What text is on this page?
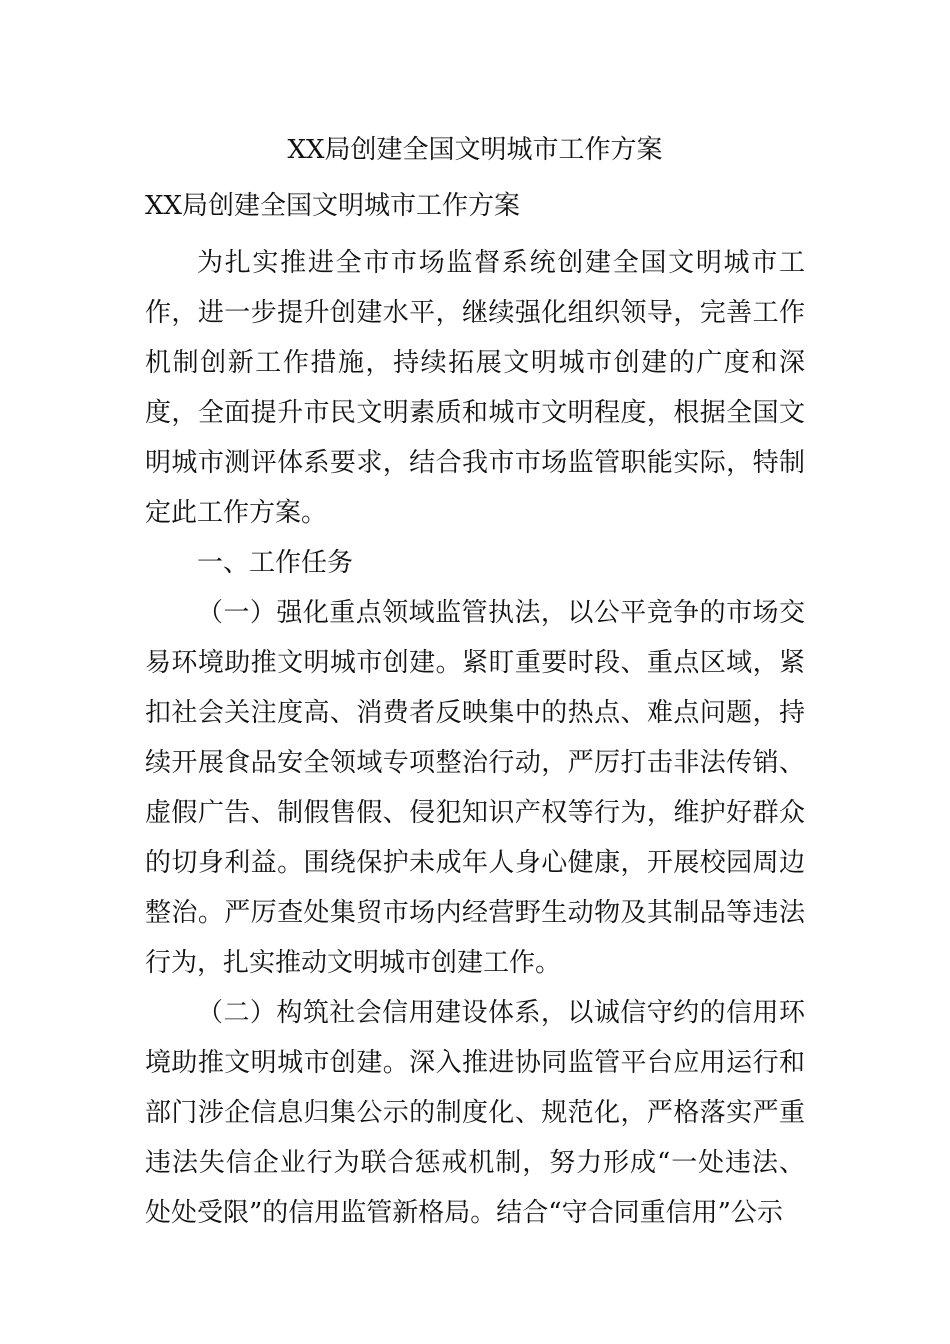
XX局创建全国文明城市工作方案

XX局创建全国文明城市工作方案

为扎实推进全市市场监督系统创建全国文明城市工作，进一步提升创建水平，继续强化组织领导，完善工作机制创新工作措施，持续拓展文明城市创建的广度和深度，全面提升市民文明素质和城市文明程度，根据全国文明城市测评体系要求，结合我市市场监管职能实际，特制定此工作方案。

一、工作任务

（一）强化重点领域监管执法，以公平竞争的市场交易环境助推文明城市创建。紧盯重要时段、重点区域，紧扣社会关注度高、消费者反映集中的热点、难点问题，持续开展食品安全领域专项整治行动，严厉打击非法传销、虚假广告、制假售假、侵犯知识产权等行为，维护好群众的切身利益。围绕保护未成年人身心健康，开展校园周边整治。严厉查处集贸市场内经营野生动物及其制品等违法行为，扎实推动文明城市创建工作。

（二）构筑社会信用建设体系，以诚信守约的信用环境助推文明城市创建。深入推进协同监管平台应用运行和部门涉企信息归集公示的制度化、规范化，严格落实严重违法失信企业行为联合惩戒机制，努力形成“一处违法、处处受限”的信用监管新格局。结合“守合同重信用”公示
